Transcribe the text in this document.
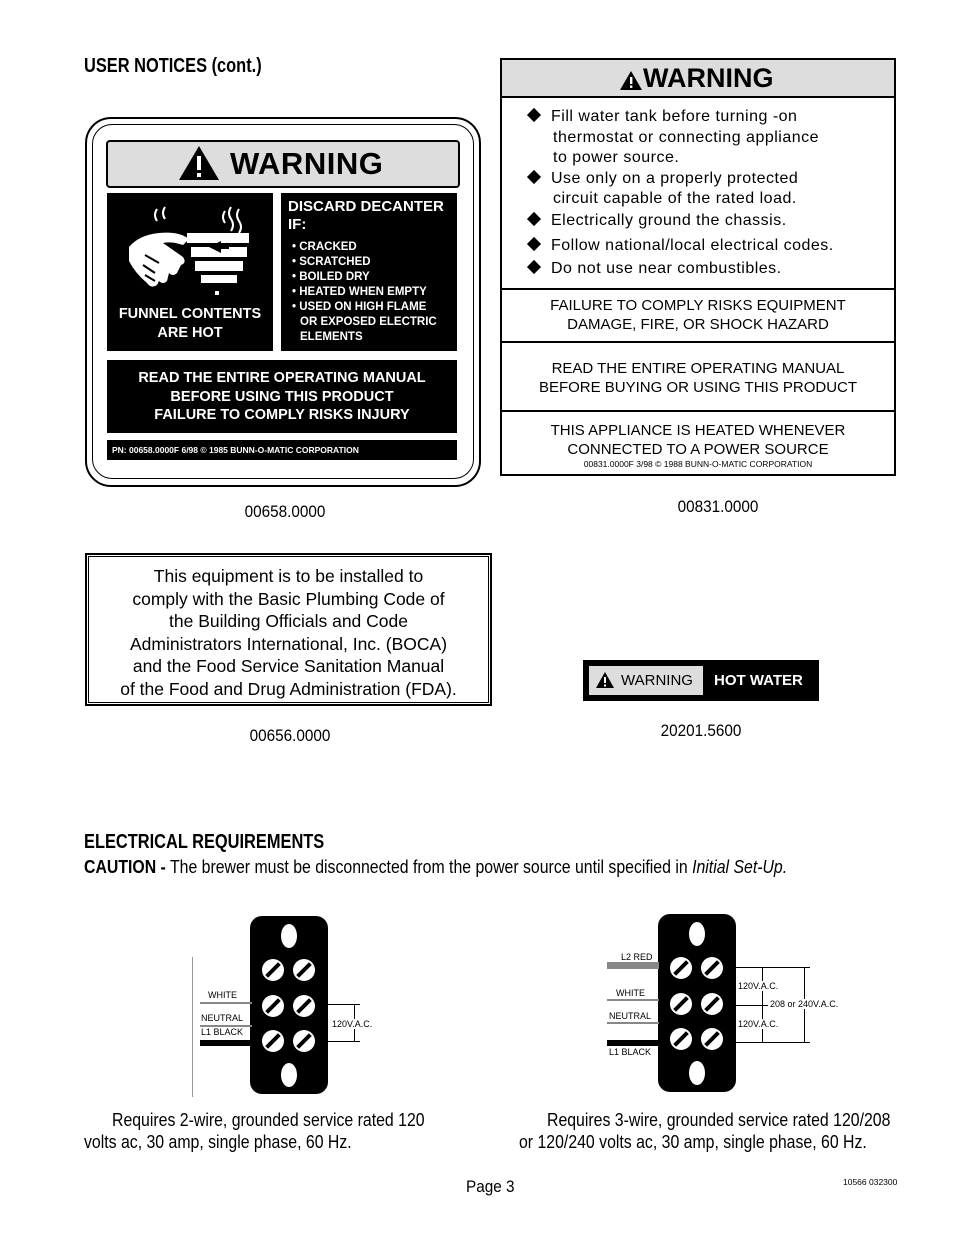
USER NOTICES (cont.)
WARNING
FUNNEL CONTENTS
ARE HOT
DISCARD DECANTER
IF:
• CRACKED
• SCRATCHED
• BOILED DRY
• HEATED WHEN EMPTY
• USED ON HIGH FLAME
OR EXPOSED ELECTRIC
ELEMENTS
READ THE ENTIRE OPERATING MANUAL
BEFORE USING THIS PRODUCT
FAILURE TO COMPLY RISKS INJURY
PN: 00658.0000F 6/98 © 1985 BUNN-O-MATIC CORPORATION
00658.0000
FAILURE TO COMPLY RISKS EQUIPMENT
DAMAGE, FIRE, OR SHOCK HAZARD
READ THE ENTIRE OPERATING MANUAL
BEFORE BUYING OR USING THIS PRODUCT
THIS APPLIANCE IS HEATED WHENEVER
CONNECTED TO A POWER SOURCE
00831.0000F 3/98 © 1988 BUNN-O-MATIC CORPORATION
WARNING
Fill water tank before turning -on
thermostat or connecting appliance
to power source.
Use only on a properly protected
circuit capable of the rated load.
Electrically ground the chassis.
Follow national/local electrical codes.
Do not use near combustibles.
00831.0000
This equipment is to be installed to
comply with the Basic Plumbing Code of
the Building Officials and Code
Administrators International, Inc. (BOCA)
and the Food Service Sanitation Manual
of the Food and Drug Administration (FDA).
00656.0000
WARNING HOT WATER
20201.5600
ELECTRICAL REQUIREMENTS
CAUTION - The brewer must be disconnected from the power source until specified in Initial Set-Up.
WHITE
NEUTRAL
L1 BLACK
120V.A.C.
L2 RED
WHITE
NEUTRAL
L1 BLACK
120V.A.C.
208 or 240V.A.C.
120V.A.C.
Requires 2-wire, grounded service rated 120
volts ac, 30 amp, single phase, 60 Hz.
Requires 3-wire, grounded service rated 120/208
or 120/240 volts ac, 30 amp, single phase, 60 Hz.
Page 3	10566 032300
